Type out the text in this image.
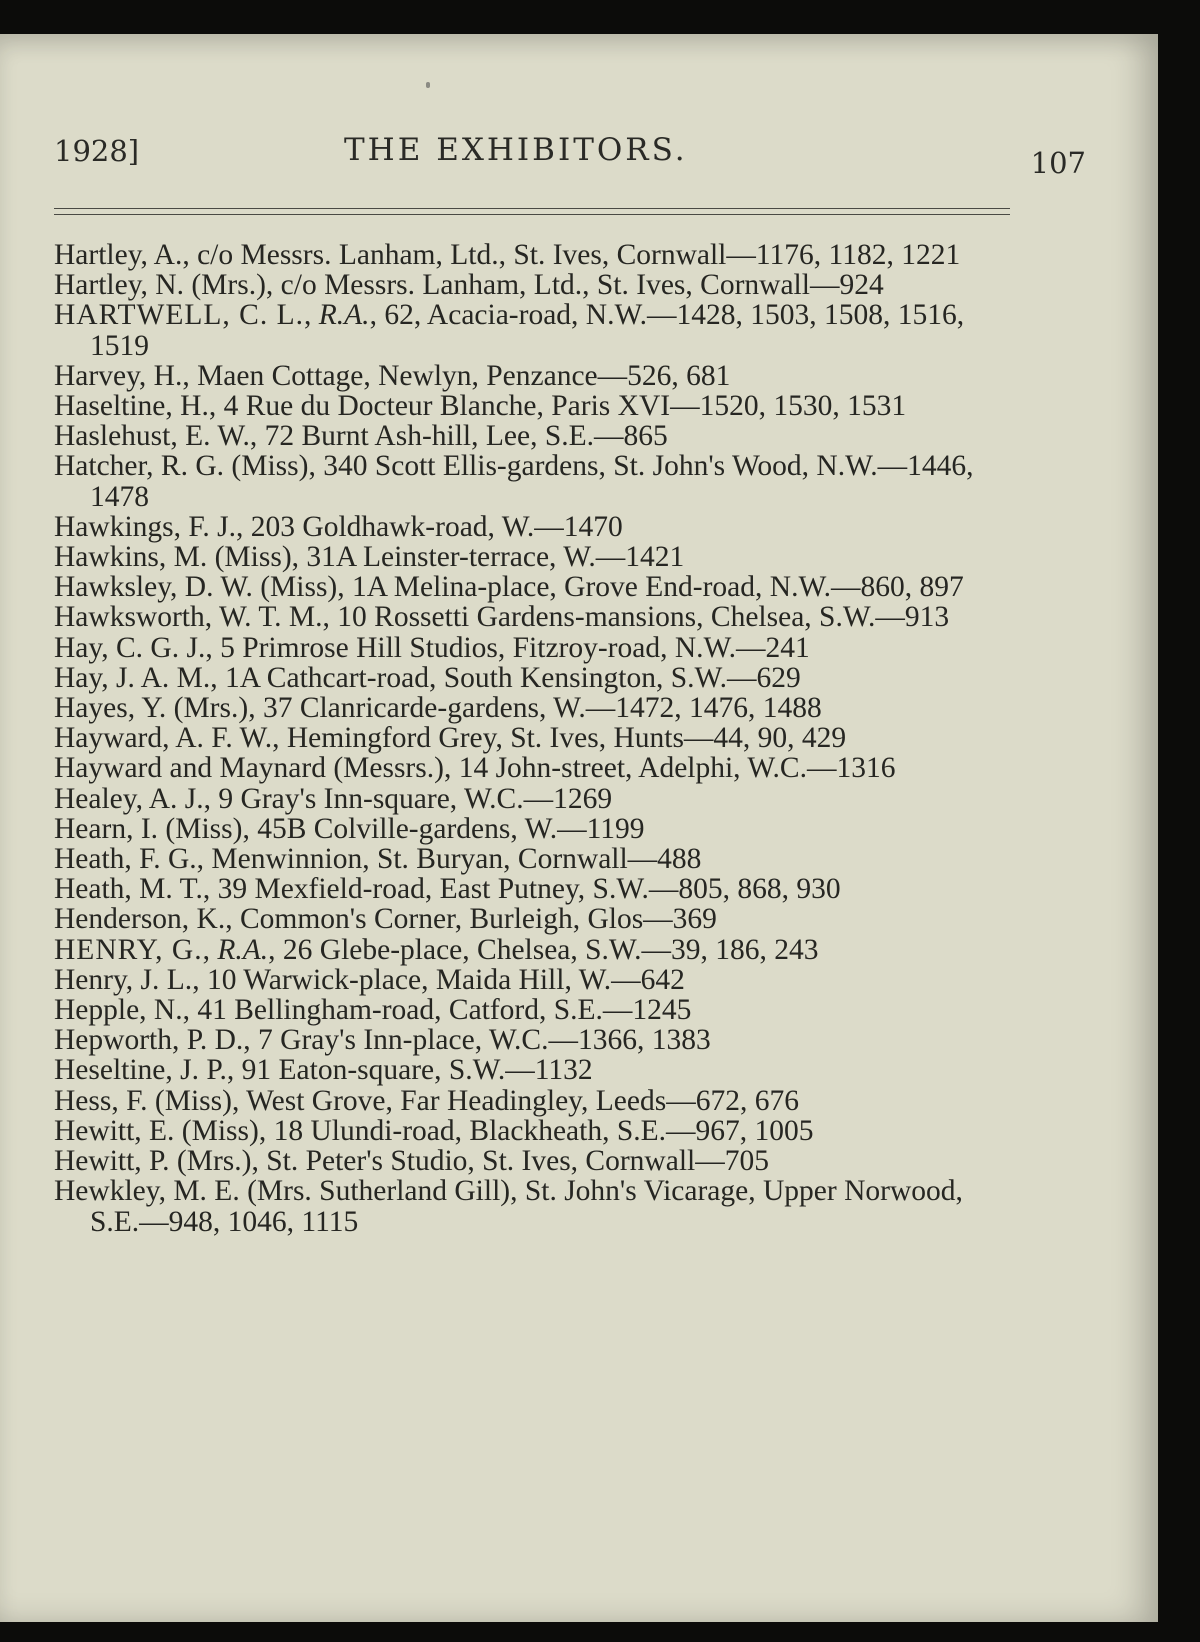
1928]	THE EXHIBITORS.	107

Hartley, A., c/o Messrs. Lanham, Ltd., St. Ives, Cornwall—1176, 1182, 1221

Hartley, N. (Mrs.), c/o Messrs. Lanham, Ltd., St. Ives, Cornwall—924

HARTWELL, C. L., R.A., 62, Acacia-road, N.W.—1428, 1503, 1508, 1516, 1519

Harvey, H., Maen Cottage, Newlyn, Penzance—526, 681

Haseltine, H., 4 Rue du Docteur Blanche, Paris XVI—1520, 1530, 1531

Haslehust, E. W., 72 Burnt Ash-hill, Lee, S.E.—865

Hatcher, R. G. (Miss), 340 Scott Ellis-gardens, St. John's Wood, N.W.—1446, 1478

Hawkings, F. J., 203 Goldhawk-road, W.—1470

Hawkins, M. (Miss), 31A Leinster-terrace, W.—1421

Hawksley, D. W. (Miss), 1A Melina-place, Grove End-road, N.W.—860, 897

Hawksworth, W. T. M., 10 Rossetti Gardens-mansions, Chelsea, S.W.—913

Hay, C. G. J., 5 Primrose Hill Studios, Fitzroy-road, N.W.—241

Hay, J. A. M., 1A Cathcart-road, South Kensington, S.W.—629

Hayes, Y. (Mrs.), 37 Clanricarde-gardens, W.—1472, 1476, 1488

Hayward, A. F. W., Hemingford Grey, St. Ives, Hunts—44, 90, 429

Hayward and Maynard (Messrs.), 14 John-street, Adelphi, W.C.—1316

Healey, A. J., 9 Gray's Inn-square, W.C.—1269

Hearn, I. (Miss), 45B Colville-gardens, W.—1199

Heath, F. G., Menwinnion, St. Buryan, Cornwall—488

Heath, M. T., 39 Mexfield-road, East Putney, S.W.—805, 868, 930

Henderson, K., Common's Corner, Burleigh, Glos—369

HENRY, G., R.A., 26 Glebe-place, Chelsea, S.W.—39, 186, 243

Henry, J. L., 10 Warwick-place, Maida Hill, W.—642

Hepple, N., 41 Bellingham-road, Catford, S.E.—1245

Hepworth, P. D., 7 Gray's Inn-place, W.C.—1366, 1383

Heseltine, J. P., 91 Eaton-square, S.W.—1132

Hess, F. (Miss), West Grove, Far Headingley, Leeds—672, 676

Hewitt, E. (Miss), 18 Ulundi-road, Blackheath, S.E.—967, 1005

Hewitt, P. (Mrs.), St. Peter's Studio, St. Ives, Cornwall—705

Hewkley, M. E. (Mrs. Sutherland Gill), St. John's Vicarage, Upper Norwood, S.E.—948, 1046, 1115
